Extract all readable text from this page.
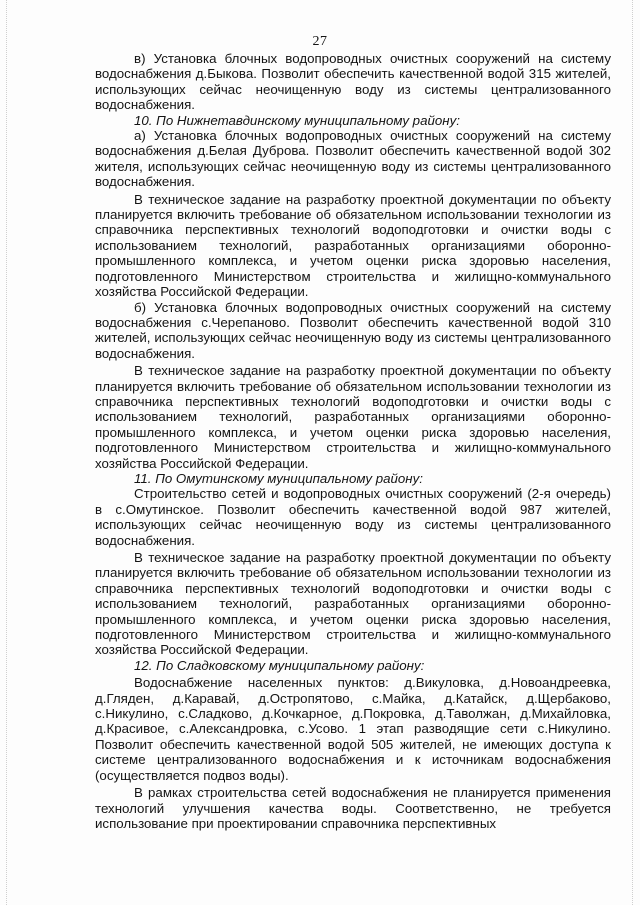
27

в) Установка блочных водопроводных очистных сооружений на систему водоснабжения д.Быкова. Позволит обеспечить качественной водой 315 жителей, использующих сейчас неочищенную воду из системы централизованного водоснабжения.

10. По Нижнетавдинскому муниципальному району:

а) Установка блочных водопроводных очистных сооружений на систему водоснабжения д.Белая Дуброва. Позволит обеспечить качественной водой 302 жителя, использующих сейчас неочищенную воду из системы централизованного водоснабжения.

В техническое задание на разработку проектной документации по объекту планируется включить требование об обязательном использовании технологии из справочника перспективных технологий водоподготовки и очистки воды с использованием технологий, разработанных организациями оборонно-промышленного комплекса, и учетом оценки риска здоровью населения, подготовленного Министерством строительства и жилищно-коммунального хозяйства Российской Федерации.

б) Установка блочных водопроводных очистных сооружений на систему водоснабжения с.Черепаново. Позволит обеспечить качественной водой 310 жителей, использующих сейчас неочищенную воду из системы централизованного водоснабжения.

В техническое задание на разработку проектной документации по объекту планируется включить требование об обязательном использовании технологии из справочника перспективных технологий водоподготовки и очистки воды с использованием технологий, разработанных организациями оборонно-промышленного комплекса, и учетом оценки риска здоровью населения, подготовленного Министерством строительства и жилищно-коммунального хозяйства Российской Федерации.

11. По Омутинскому муниципальному району:

Строительство сетей и водопроводных очистных сооружений (2-я очередь) в с.Омутинское. Позволит обеспечить качественной водой 987 жителей, использующих сейчас неочищенную воду из системы централизованного водоснабжения.

В техническое задание на разработку проектной документации по объекту планируется включить требование об обязательном использовании технологии из справочника перспективных технологий водоподготовки и очистки воды с использованием технологий, разработанных организациями оборонно-промышленного комплекса, и учетом оценки риска здоровью населения, подготовленного Министерством строительства и жилищно-коммунального хозяйства Российской Федерации.

12. По Сладковскому муниципальному району:

Водоснабжение населенных пунктов: д.Викуловка, д.Новоандреевка, д.Гляден, д.Каравай, д.Остропятово, с.Майка, д.Катайск, д.Щербаково, с.Никулино, с.Сладково, д.Кочкарное, д.Покровка, д.Таволжан, д.Михайловка, д.Красивое, с.Александровка, с.Усово. 1 этап разводящие сети с.Никулино. Позволит обеспечить качественной водой 505 жителей, не имеющих доступа к системе централизованного водоснабжения и к источникам водоснабжения (осуществляется подвоз воды).

В рамках строительства сетей водоснабжения не планируется применения технологий улучшения качества воды. Соответственно, не требуется использование при проектировании справочника перспективных
